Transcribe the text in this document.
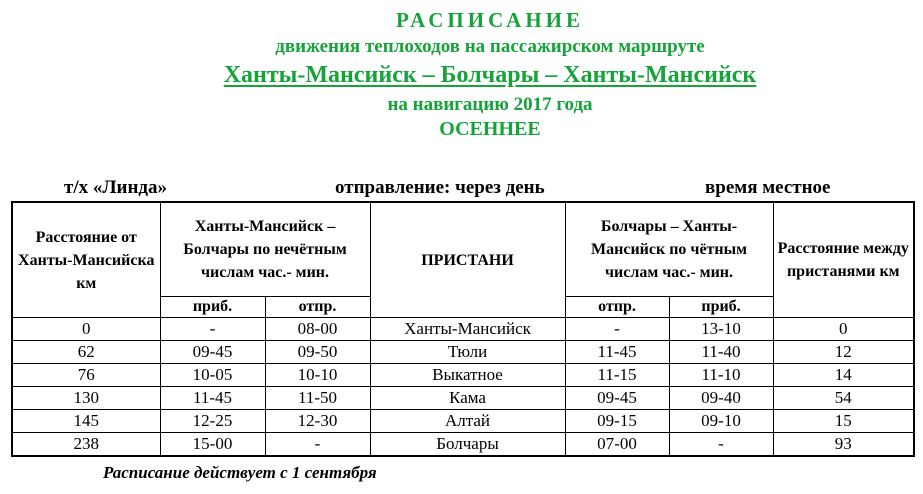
РАСПИСАНИЕ
движения теплоходов на пассажирском маршруте
Ханты-Мансийск – Болчары – Ханты-Мансийск
на навигацию 2017 года
ОСЕННЕЕ
т/х «Линда»	отправление: через день	время местное
Расстояние от Ханты-Мансийска км	Ханты-Мансийск – Болчары по нечётным числам час.- мин.		ПРИСТАНИ	Болчары – Ханты-Мансийск по чётным числам час.- мин.		Расстояние между пристанями км
	приб.	отпр.		отпр.	приб.	
0	-	08-00	Ханты-Мансийск	-	13-10	0
62	09-45	09-50	Тюли	11-45	11-40	12
76	10-05	10-10	Выкатное	11-15	11-10	14
130	11-45	11-50	Кама	09-45	09-40	54
145	12-25	12-30	Алтай	09-15	09-10	15
238	15-00	-	Болчары	07-00	-	93
Расписание действует с 1 сентября
